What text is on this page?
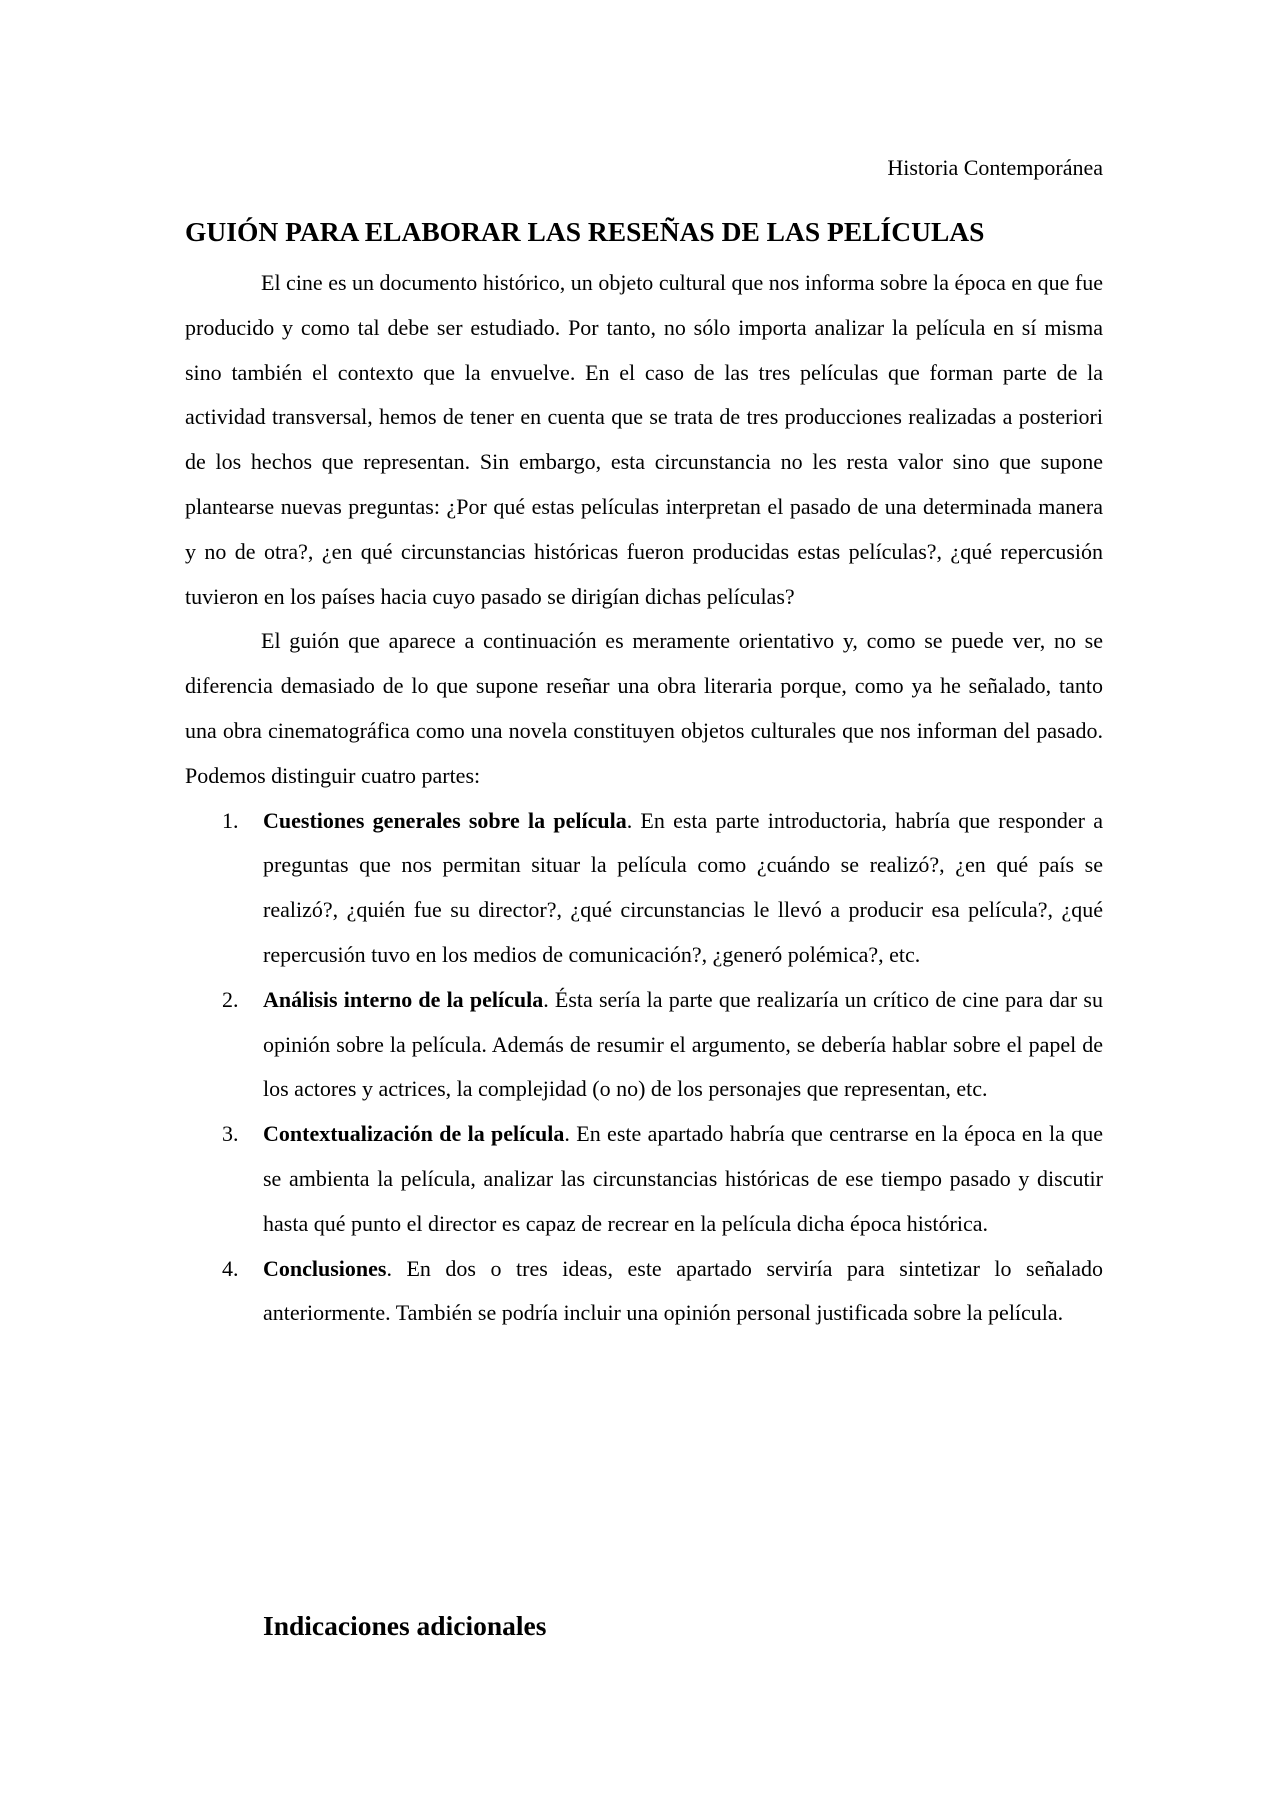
Historia Contemporánea
GUIÓN PARA ELABORAR LAS RESEÑAS DE LAS PELÍCULAS

El cine es un documento histórico, un objeto cultural que nos informa sobre la época en que fue producido y como tal debe ser estudiado. Por tanto, no sólo importa analizar la película en sí misma sino también el contexto que la envuelve. En el caso de las tres películas que forman parte de la actividad transversal, hemos de tener en cuenta que se trata de tres producciones realizadas a posteriori de los hechos que representan. Sin embargo, esta circunstancia no les resta valor sino que supone plantearse nuevas preguntas: ¿Por qué estas películas interpretan el pasado de una determinada manera y no de otra?, ¿en qué circunstancias históricas fueron producidas estas películas?, ¿qué repercusión tuvieron en los países hacia cuyo pasado se dirigían dichas películas?

El guión que aparece a continuación es meramente orientativo y, como se puede ver, no se diferencia demasiado de lo que supone reseñar una obra literaria porque, como ya he señalado, tanto una obra cinematográfica como una novela constituyen objetos culturales que nos informan del pasado. Podemos distinguir cuatro partes:

1. Cuestiones generales sobre la película. En esta parte introductoria, habría que responder a preguntas que nos permitan situar la película como ¿cuándo se realizó?, ¿en qué país se realizó?, ¿quién fue su director?, ¿qué circunstancias le llevó a producir esa película?, ¿qué repercusión tuvo en los medios de comunicación?, ¿generó polémica?, etc.
2. Análisis interno de la película. Ésta sería la parte que realizaría un crítico de cine para dar su opinión sobre la película. Además de resumir el argumento, se debería hablar sobre el papel de los actores y actrices, la complejidad (o no) de los personajes que representan, etc.
3. Contextualización de la película. En este apartado habría que centrarse en la época en la que se ambienta la película, analizar las circunstancias históricas de ese tiempo pasado y discutir hasta qué punto el director es capaz de recrear en la película dicha época histórica.
4. Conclusiones. En dos o tres ideas, este apartado serviría para sintetizar lo señalado anteriormente. También se podría incluir una opinión personal justificada sobre la película.
Indicaciones adicionales
